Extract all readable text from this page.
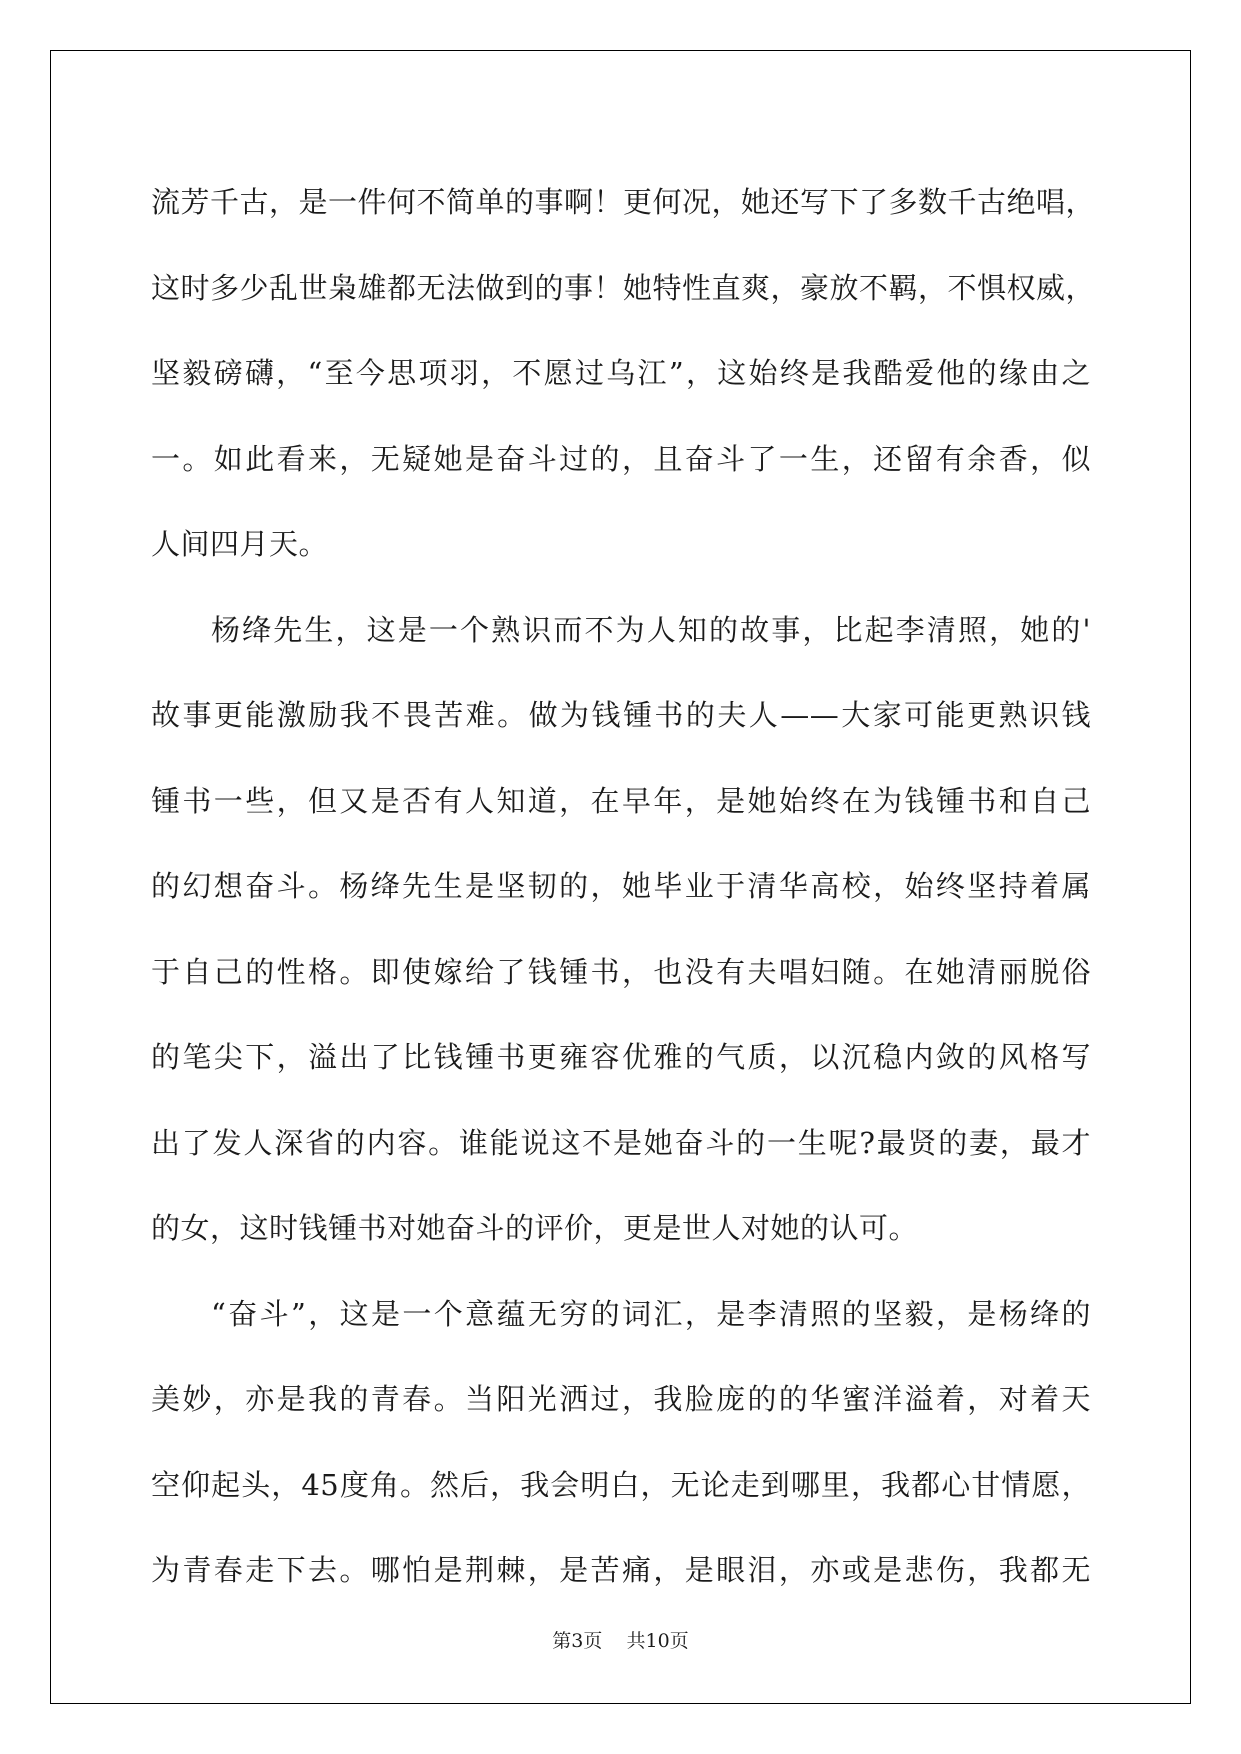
流芳千古，是一件何不简单的事啊！更何况，她还写下了多数千古绝唱，
这时多少乱世枭雄都无法做到的事！她特性直爽，豪放不羁，不惧权威，
坚毅磅礴，“至今思项羽，不愿过乌江”，这始终是我酷爱他的缘由之
一。如此看来，无疑她是奋斗过的，且奋斗了一生，还留有余香，似
人间四月天。
杨绛先生，这是一个熟识而不为人知的故事，比起李清照，她的'
故事更能激励我不畏苦难。做为钱锺书的夫人——大家可能更熟识钱
锺书一些，但又是否有人知道，在早年，是她始终在为钱锺书和自己
的幻想奋斗。杨绛先生是坚韧的，她毕业于清华高校，始终坚持着属
于自己的性格。即使嫁给了钱锺书，也没有夫唱妇随。在她清丽脱俗
的笔尖下，溢出了比钱锺书更雍容优雅的气质，以沉稳内敛的风格写
出了发人深省的内容。谁能说这不是她奋斗的一生呢?最贤的妻，最才
的女，这时钱锺书对她奋斗的评价，更是世人对她的认可。
“奋斗”，这是一个意蕴无穷的词汇，是李清照的坚毅，是杨绛的
美妙，亦是我的青春。当阳光洒过，我脸庞的的华蜜洋溢着，对着天
空仰起头，45度角。然后，我会明白，无论走到哪里，我都心甘情愿，
为青春走下去。哪怕是荆棘，是苦痛，是眼泪，亦或是悲伤，我都无
第3页 共10页
